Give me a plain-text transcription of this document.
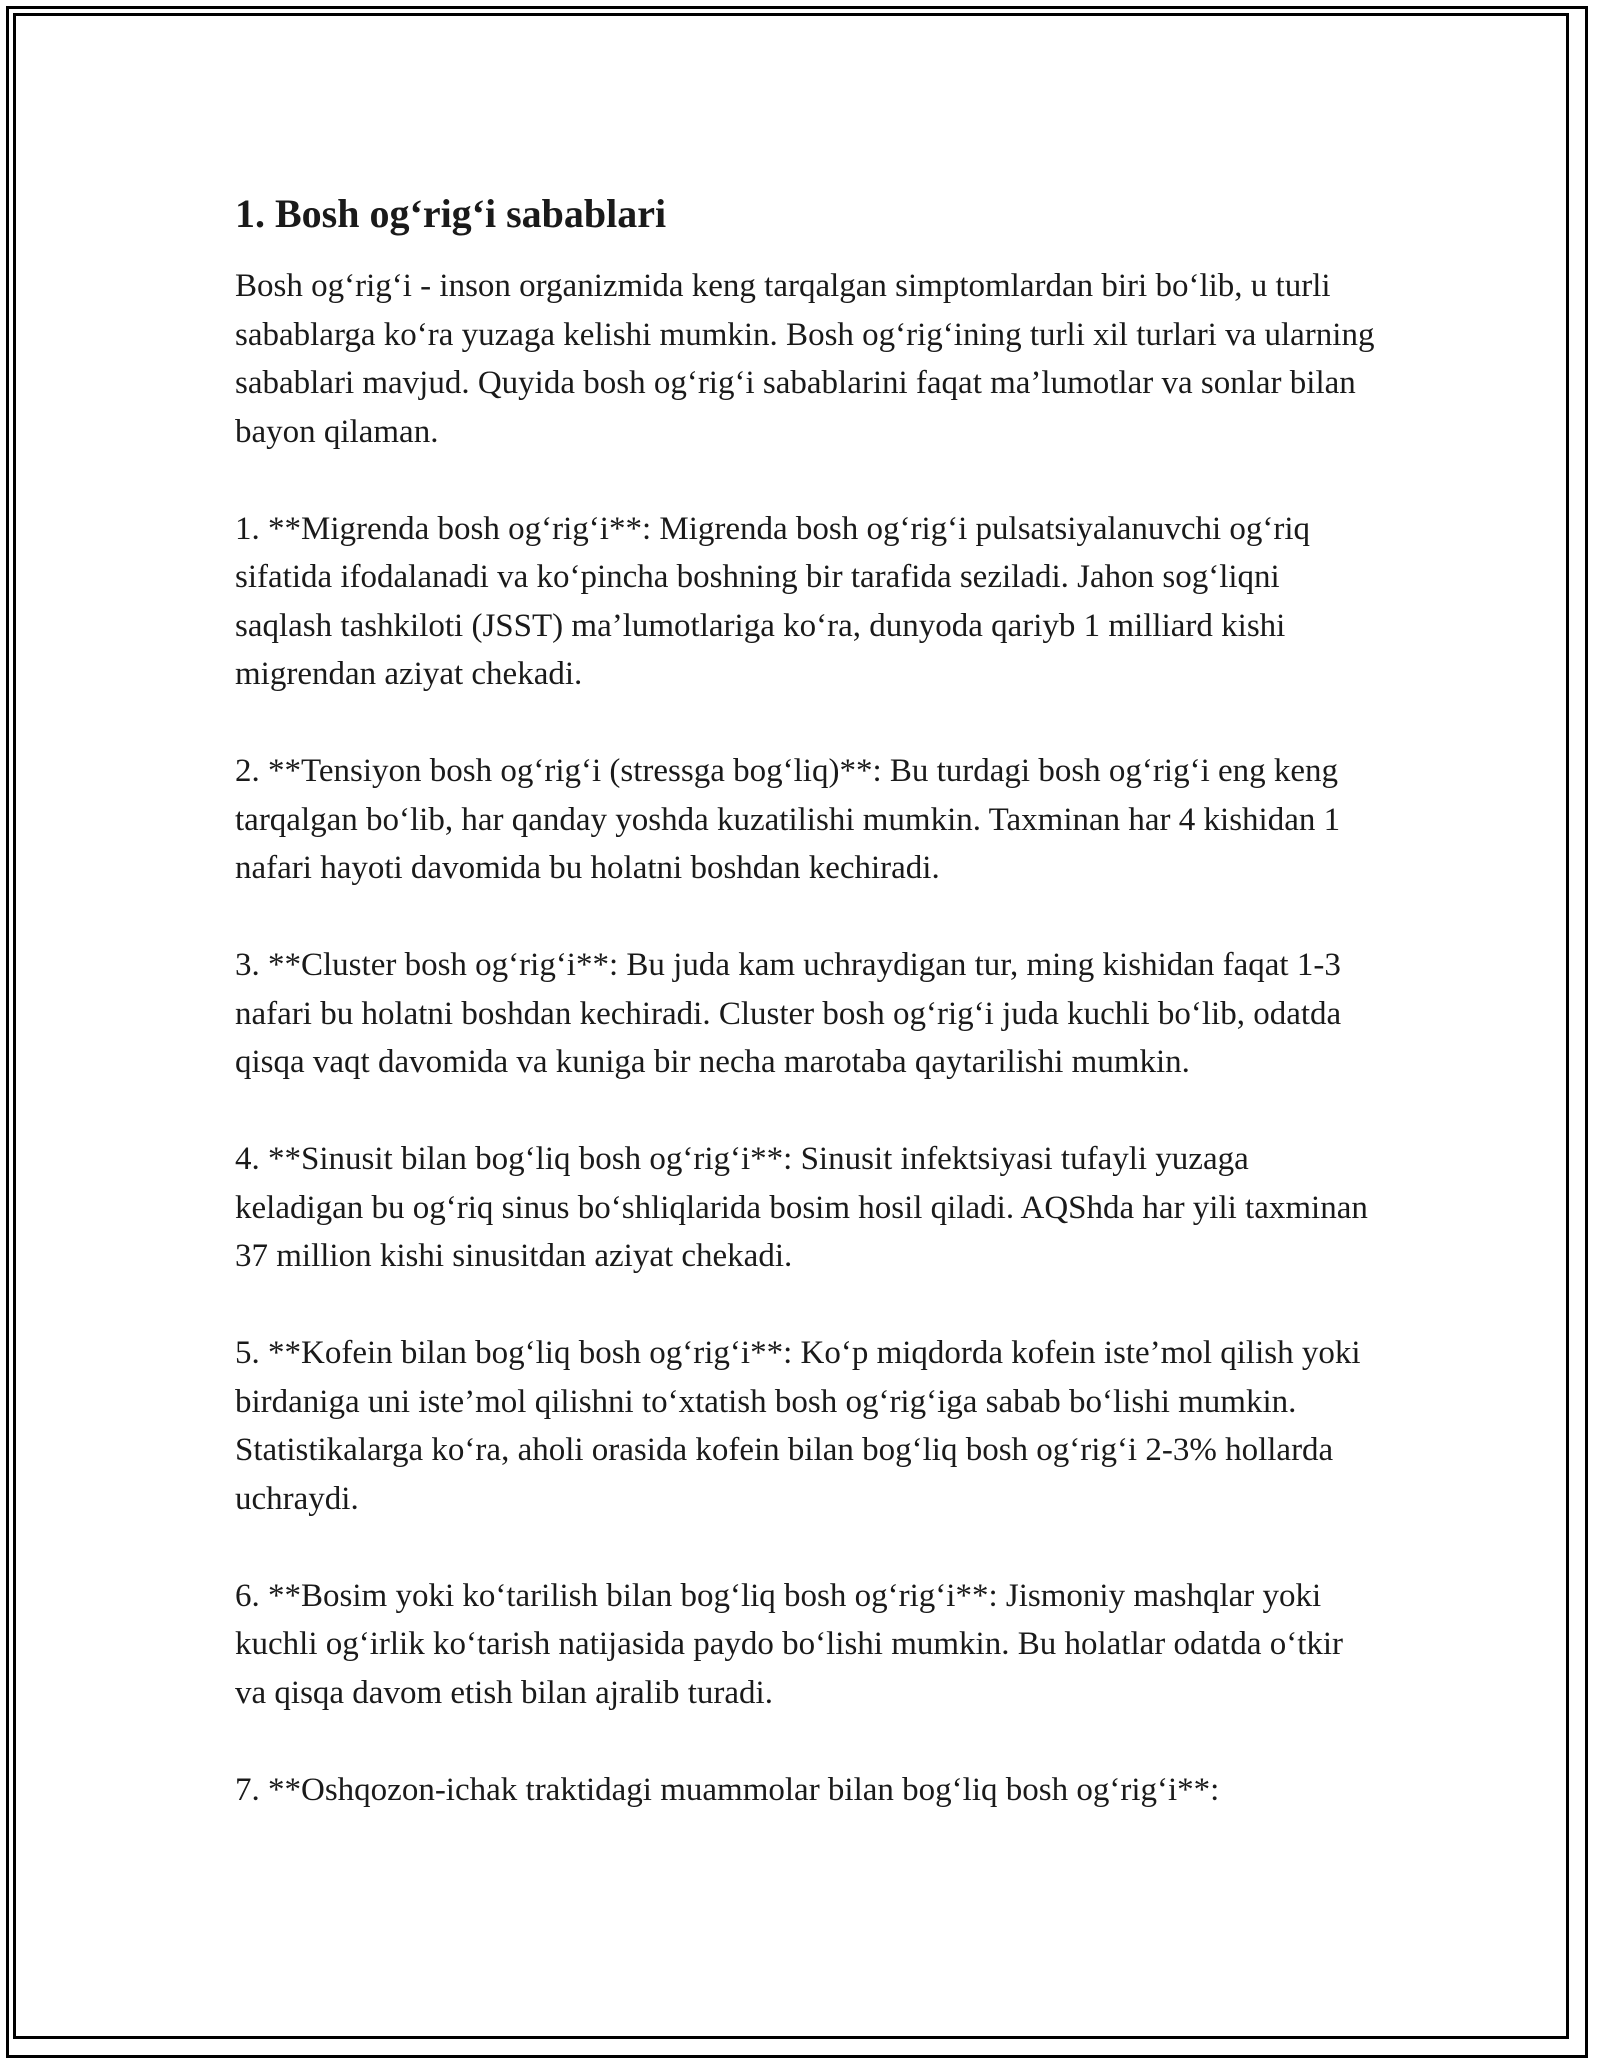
1. Bosh og‘rig‘i sabablari

Bosh og‘rig‘i - inson organizmida keng tarqalgan simptomlardan biri bo‘lib, u turli sabablarga ko‘ra yuzaga kelishi mumkin. Bosh og‘rig‘ining turli xil turlari va ularning sabablari mavjud. Quyida bosh og‘rig‘i sabablarini faqat ma’lumotlar va sonlar bilan bayon qilaman.

1. **Migrenda bosh og‘rig‘i**: Migrenda bosh og‘rig‘i pulsatsiyalanuvchi og‘riq sifatida ifodalanadi va ko‘pincha boshning bir tarafida seziladi. Jahon sog‘liqni saqlash tashkiloti (JSST) ma’lumotlariga ko‘ra, dunyoda qariyb 1 milliard kishi migrendan aziyat chekadi.

2. **Tensiyon bosh og‘rig‘i (stressga bog‘liq)**: Bu turdagi bosh og‘rig‘i eng keng tarqalgan bo‘lib, har qanday yoshda kuzatilishi mumkin. Taxminan har 4 kishidan 1 nafari hayoti davomida bu holatni boshdan kechiradi.

3. **Cluster bosh og‘rig‘i**: Bu juda kam uchraydigan tur, ming kishidan faqat 1-3 nafari bu holatni boshdan kechiradi. Cluster bosh og‘rig‘i juda kuchli bo‘lib, odatda qisqa vaqt davomida va kuniga bir necha marotaba qaytarilishi mumkin.

4. **Sinusit bilan bog‘liq bosh og‘rig‘i**: Sinusit infektsiyasi tufayli yuzaga keladigan bu og‘riq sinus bo‘shliqlarida bosim hosil qiladi. AQShda har yili taxminan 37 million kishi sinusitdan aziyat chekadi.

5. **Kofein bilan bog‘liq bosh og‘rig‘i**: Ko‘p miqdorda kofein iste’mol qilish yoki birdaniga uni iste’mol qilishni to‘xtatish bosh og‘rig‘iga sabab bo‘lishi mumkin. Statistikalarga ko‘ra, aholi orasida kofein bilan bog‘liq bosh og‘rig‘i 2-3% hollarda uchraydi.

6. **Bosim yoki ko‘tarilish bilan bog‘liq bosh og‘rig‘i**: Jismoniy mashqlar yoki kuchli og‘irlik ko‘tarish natijasida paydo bo‘lishi mumkin. Bu holatlar odatda o‘tkir va qisqa davom etish bilan ajralib turadi.

7. **Oshqozon-ichak traktidagi muammolar bilan bog‘liq bosh og‘rig‘i**:
